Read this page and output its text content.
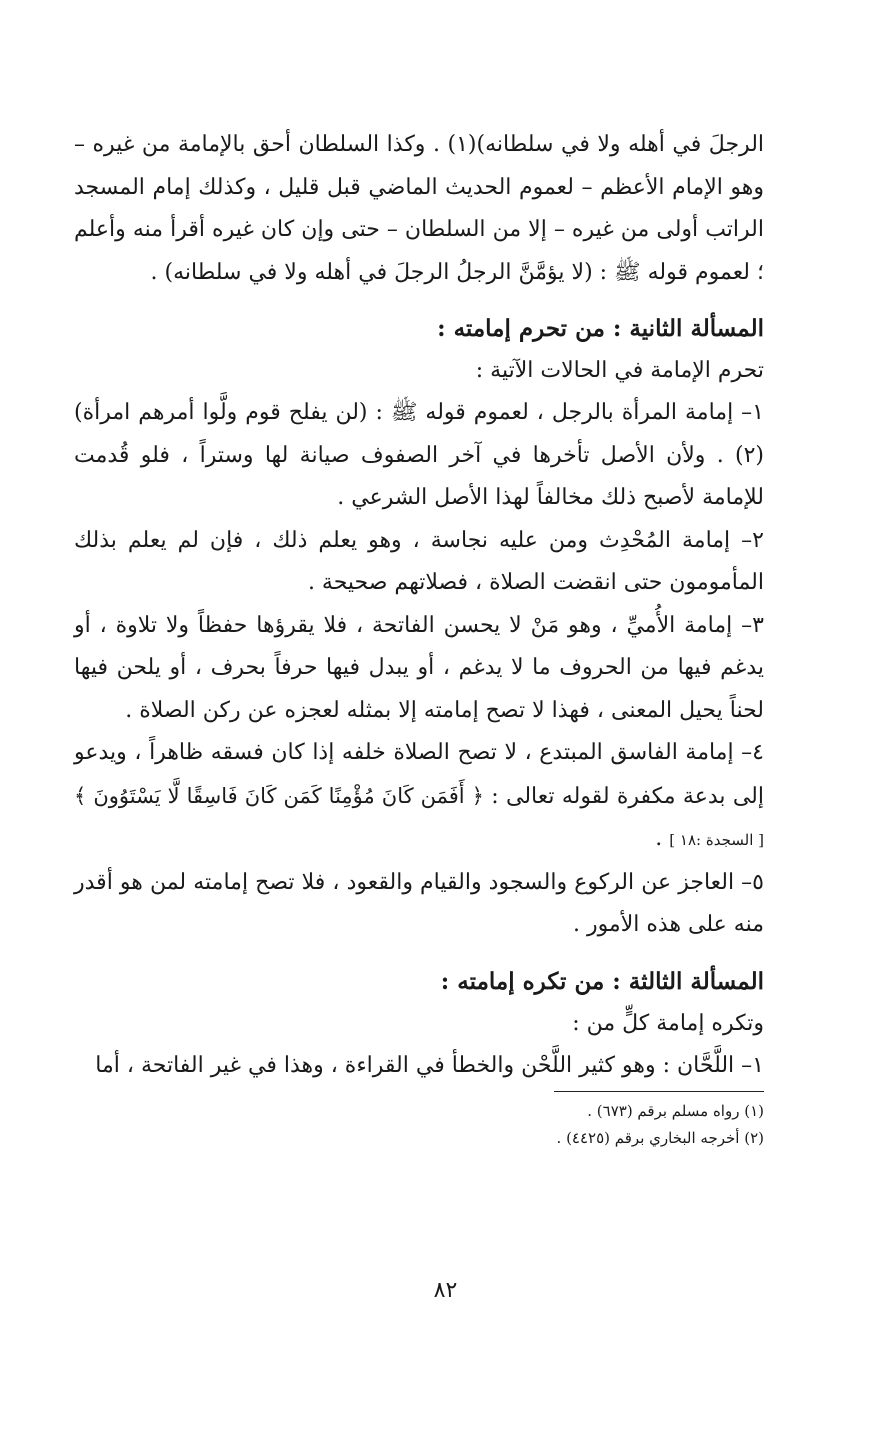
الرجلَ في أهله ولا في سلطانه)(١) . وكذا السلطان أحق بالإمامة من غيره – وهو الإمام الأعظم – لعموم الحديث الماضي قبل قليل ، وكذلك إمام المسجد الراتب أولى من غيره – إلا من السلطان – حتى وإن كان غيره أقرأ منه وأعلم ؛ لعموم قوله ﷺ : (لا يؤمَّنَّ الرجلُ الرجلَ في أهله ولا في سلطانه) .

المسألة الثانية : من تحرم إمامته :

تحرم الإمامة في الحالات الآتية :

١– إمامة المرأة بالرجل ، لعموم قوله ﷺ : (لن يفلح قوم ولَّوا أمرهم امرأة)(٢) . ولأن الأصل تأخرها في آخر الصفوف صيانة لها وستراً ، فلو قُدمت للإمامة لأصبح ذلك مخالفاً لهذا الأصل الشرعي .

٢– إمامة المُحْدِث ومن عليه نجاسة ، وهو يعلم ذلك ، فإن لم يعلم بذلك المأمومون حتى انقضت الصلاة ، فصلاتهم صحيحة .

٣– إمامة الأُميِّ ، وهو مَنْ لا يحسن الفاتحة ، فلا يقرؤها حفظاً ولا تلاوة ، أو يدغم فيها من الحروف ما لا يدغم ، أو يبدل فيها حرفاً بحرف ، أو يلحن فيها لحناً يحيل المعنى ، فهذا لا تصح إمامته إلا بمثله لعجزه عن ركن الصلاة .

٤– إمامة الفاسق المبتدع ، لا تصح الصلاة خلفه إذا كان فسقه ظاهراً ، ويدعو إلى بدعة مكفرة لقوله تعالى : ﴿ أَفَمَن كَانَ مُؤْمِنًا كَمَن كَانَ فَاسِقًا لَّا يَسْتَوُونَ ﴾ [ السجدة :١٨ ] .

٥– العاجز عن الركوع والسجود والقيام والقعود ، فلا تصح إمامته لمن هو أقدر منه على هذه الأمور .

المسألة الثالثة : من تكره إمامته :

وتكره إمامة كلٍّ من :

١– اللَّحَّان : وهو كثير اللَّحْن والخطأ في القراءة ، وهذا في غير الفاتحة ، أما

(١) رواه مسلم برقم (٦٧٣) .

(٢) أخرجه البخاري برقم (٤٤٢٥) .

٨٢
